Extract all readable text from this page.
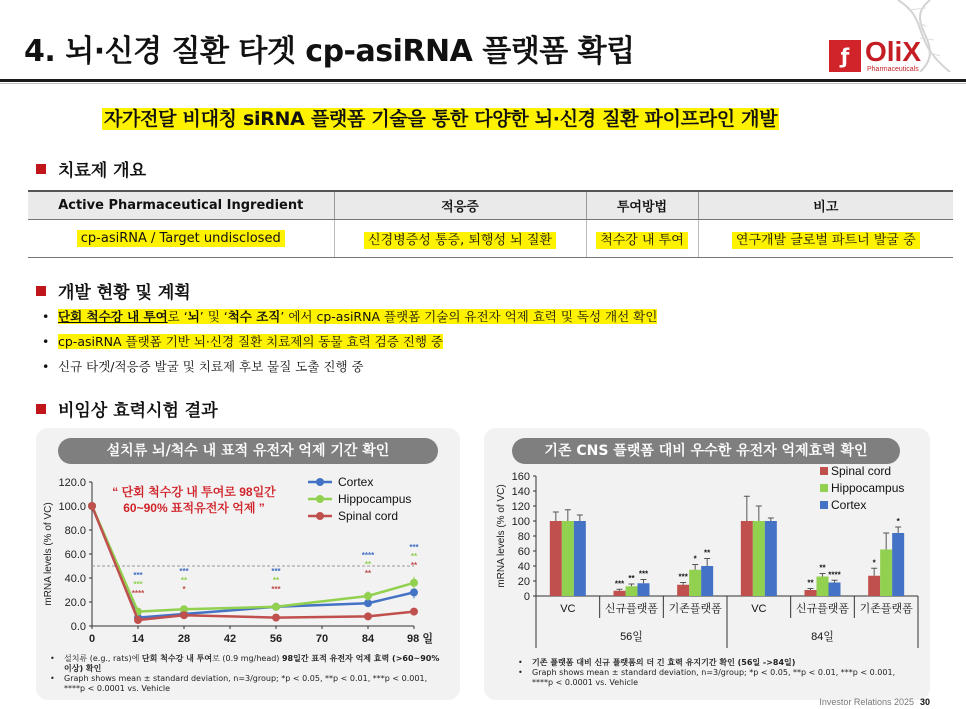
4. 뇌·신경 질환 타겟 cp-asiRNA 플랫폼 확립	ƒ OliX
Pharmaceuticals
자가전달 비대칭 siRNA 플랫폼 기술을 통한 다양한 뇌·신경 질환 파이프라인 개발
치료제 개요
Active Pharmaceutical Ingredient	적응증	투여방법	비고
cp-asiRNA / Target undisclosed	신경병증성 통증, 퇴행성 뇌 질환	척수강 내 투여	연구개발 글로벌 파트너 발굴 중
개발 현황 및 계획
• 단회 척수강 내 투여로 ‘뇌’ 및 ‘척수 조직’ 에서 cp-asiRNA 플랫폼 기술의 유전자 억제 효력 및 독성 개선 확인
• cp-asiRNA 플랫폼 기반 뇌·신경 질환 치료제의 동물 효력 검증 진행 중
• 신규 타겟/적응증 발굴 및 치료제 후보 물질 도출 진행 중
비임상 효력시험 결과
설치류 뇌/척수 내 표적 유전자 억제 기간 확인
0.0
20.0
40.0
60.0
80.0
100.0
120.0
0	14	28	42	56	70	84	98 일
mRNA levels (% of VC)	***
***
****
***
**
*
***
**
***
****
**
**
***
**
**
Cortex
Hippocampus
Spinal cord
“ 단회 척수강 내 투여로 98일간
60~90% 표적유전자 억제 ”
• 설치류 (e.g., rats)에 단회 척수강 내 투여로 (0.9 mg/head) 98일간 표적 유전자 억제 효력 (>60~90% 이상) 확인
• Graph shows mean ± standard deviation, n=3/group; *p < 0.05, **p < 0.01, ***p < 0.001, ****p < 0.0001 vs. Vehicle
기존 CNS 플랫폼 대비 우수한 유전자 억제효력 확인
0
20
40
60
80
100
120
140
160
mRNA levels (% of VC)
VC	신규플랫폼 기존플랫폼	VC	신규플랫폼 기존플랫폼
56일	84일
***
** ***	***
*
**
**
**
****
*
*
Spinal cord
Hippocampus
Cortex
• 기존 플랫폼 대비 신규 플랫폼의 더 긴 효력 유지기간 확인 (56일 ->84일)
• Graph shows mean ± standard deviation, n=3/group; *p < 0.05, **p < 0.01, ***p < 0.001, ****p < 0.0001 vs. Vehicle
Investor Relations 2025 30
